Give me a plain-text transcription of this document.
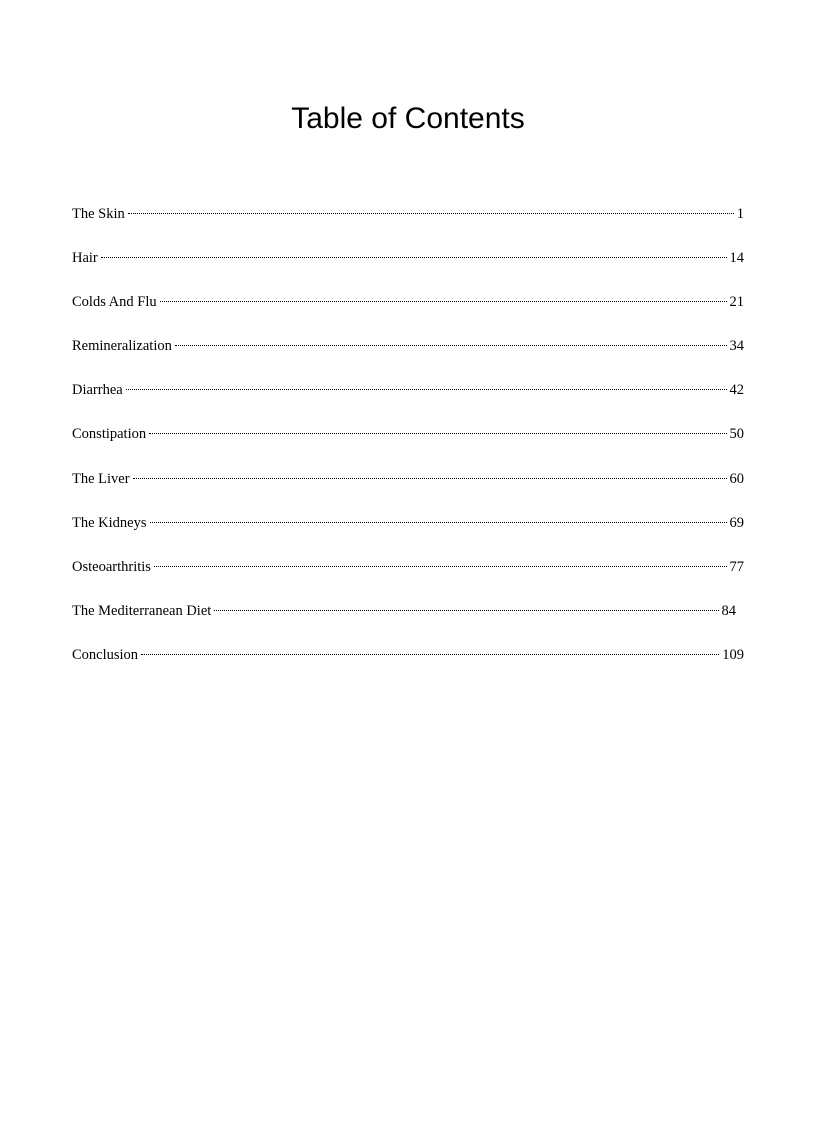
Table of Contents
The Skin	1
Hair	14
Colds And Flu	21
Remineralization	34
Diarrhea	42
Constipation	50
The Liver	60
The Kidneys	69
Osteoarthritis	77
The Mediterranean Diet	84
Conclusion	109
